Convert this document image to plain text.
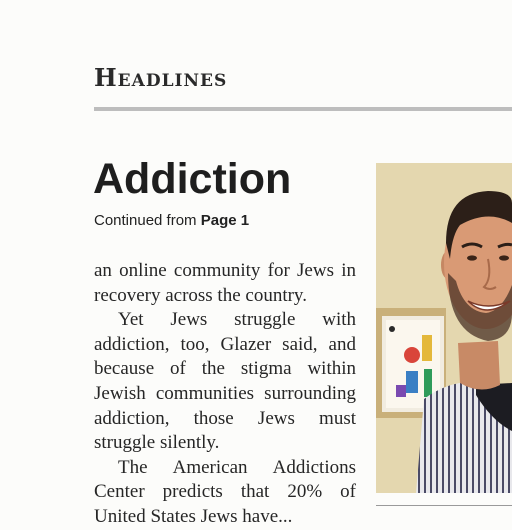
Headlines
Addiction
Continued from Page 1

an online community for Jews in recovery across the country.

Yet Jews struggle with addiction, too, Glazer said, and because of the stigma within Jewish communities surrounding addiction, those Jews must struggle silently.

The American Addictions Center predicts that 20% of United States Jews have...
